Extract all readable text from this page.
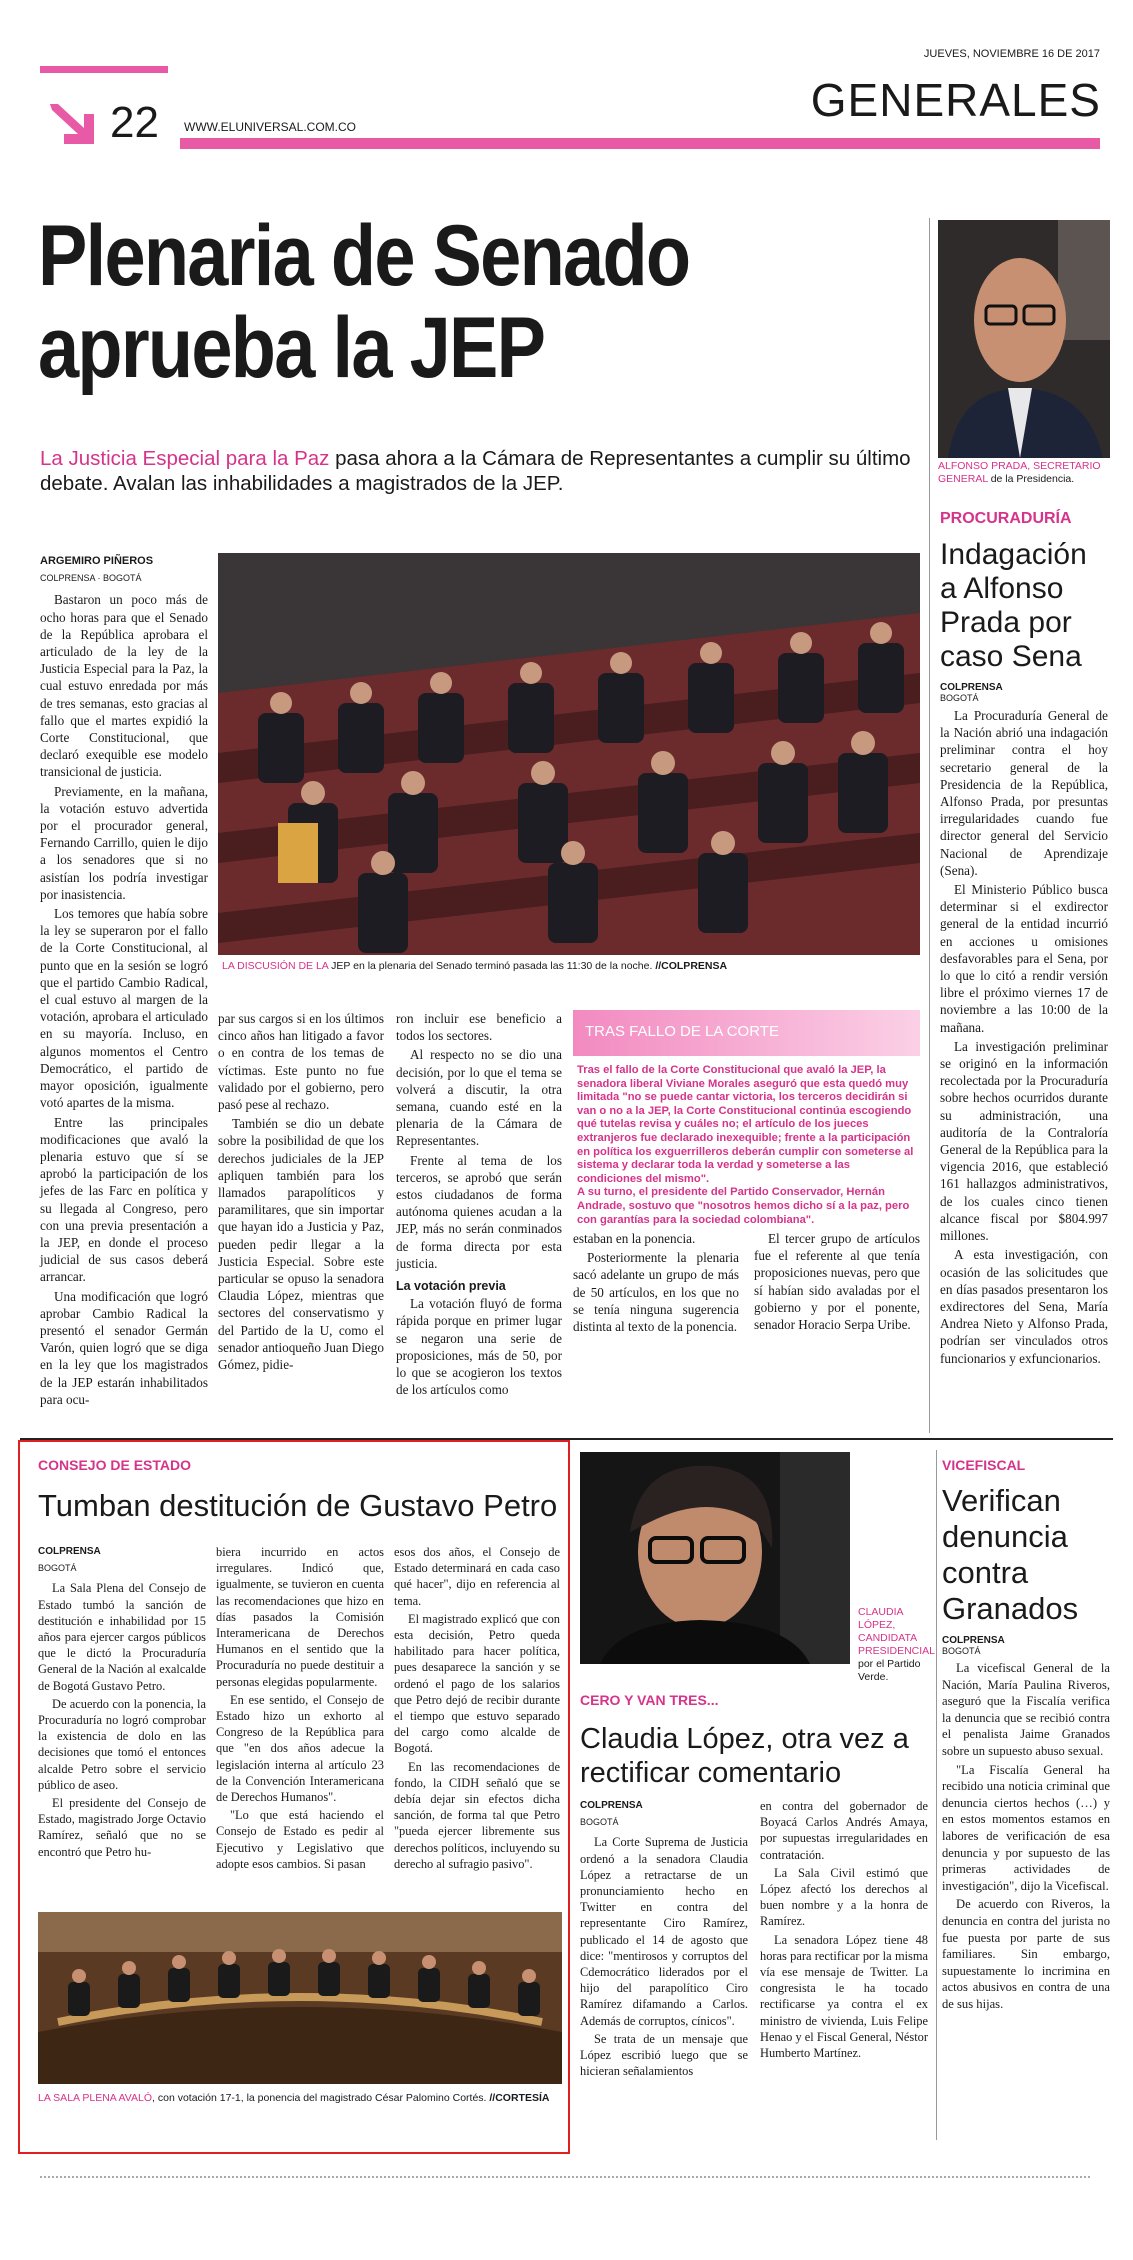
JUEVES, NOVIEMBRE 16 DE 2017
22 WWW.ELUNIVERSAL.COM.CO
GENERALES
Plenaria de Senado
aprueba la JEP
La Justicia Especial para la Paz pasa ahora a la Cámara de Representantes a cumplir su último debate. Avalan las inhabilidades a magistrados de la JEP.
ALFONSO PRADA, SECRETARIO GENERAL de la Presidencia.
ARGEMIRO PIÑEROS
COLPRENSA · BOGOTÁ

Bastaron un poco más de ocho horas para que el Senado de la República aprobara el articulado de la ley de la Justicia Especial para la Paz, la cual estuvo enredada por más de tres semanas, esto gracias al fallo que el martes expidió la Corte Constitucional, que declaró exequible ese modelo transicional de justicia.

Previamente, en la mañana, la votación estuvo advertida por el procurador general, Fernando Carrillo, quien le dijo a los senadores que si no asistían los podría investigar por inasistencia.

Los temores que había sobre la ley se superaron por el fallo de la Corte Constitucional, al punto que en la sesión se logró que el partido Cambio Radical, el cual estuvo al margen de la votación, aprobara el articulado en su mayoría. Incluso, en algunos momentos el Centro Democrático, el partido de mayor oposición, igualmente votó apartes de la misma.

Entre las principales modificaciones que avaló la plenaria estuvo que sí se aprobó la participación de los jefes de las Farc en política y su llegada al Congreso, pero con una previa presentación a la JEP, en donde el proceso judicial de sus casos deberá arrancar.

Una modificación que logró aprobar Cambio Radical la presentó el senador Germán Varón, quien logró que se diga en la ley que los magistrados de la JEP estarán inhabilitados para ocu-

LA DISCUSIÓN DE LA JEP en la plenaria del Senado terminó pasada las 11:30 de la noche. //COLPRENSA

par sus cargos si en los últimos cinco años han litigado a favor o en contra de los temas de víctimas. Este punto no fue validado por el gobierno, pero pasó pese al rechazo.

También se dio un debate sobre la posibilidad de que los derechos judiciales de la JEP apliquen también para los llamados parapolíticos y paramilitares, que sin importar que hayan ido a Justicia y Paz, pueden pedir llegar a la Justicia Especial. Sobre este particular se opuso la senadora Claudia López, mientras que sectores del conservatismo y del Partido de la U, como el senador antioqueño Juan Diego Gómez, pidie-

ron incluir ese beneficio a todos los sectores.

Al respecto no se dio una decisión, por lo que el tema se volverá a discutir, la otra semana, cuando esté en la plenaria de la Cámara de Representantes.

Frente al tema de los terceros, se aprobó que serán estos ciudadanos de forma autónoma quienes acudan a la JEP, más no serán conminados de forma directa por esta justicia.

La votación previa

La votación fluyó de forma rápida porque en primer lugar se negaron una serie de proposiciones, más de 50, por lo que se acogieron los textos de los artículos como

TRAS FALLO DE LA CORTE
Tras el fallo de la Corte Constitucional que avaló la JEP, la senadora liberal Viviane Morales aseguró que esta quedó muy limitada "no se puede cantar victoria, los terceros decidirán si van o no a la JEP, la Corte Constitucional continúa escogiendo qué tutelas revisa y cuáles no; el artículo de los jueces extranjeros fue declarado inexequible; frente a la participación en política los exguerrilleros deberán cumplir con someterse al sistema y declarar toda la verdad y someterse a las condiciones del mismo".
A su turno, el presidente del Partido Conservador, Hernán Andrade, sostuvo que "nosotros hemos dicho sí a la paz, pero con garantías para la sociedad colombiana".

estaban en la ponencia.

Posteriormente la plenaria sacó adelante un grupo de más de 50 artículos, en los que no se tenía ninguna sugerencia distinta al texto de la ponencia.

El tercer grupo de artículos fue el referente al que tenía proposiciones nuevas, pero que sí habían sido avaladas por el gobierno y por el ponente, senador Horacio Serpa Uribe.

PROCURADURÍA
Indagación a Alfonso Prada por caso Sena
COLPRENSA
BOGOTÁ

La Procuraduría General de la Nación abrió una indagación preliminar contra el hoy secretario general de la Presidencia de la República, Alfonso Prada, por presuntas irregularidades cuando fue director general del Servicio Nacional de Aprendizaje (Sena).

El Ministerio Público busca determinar si el exdirector general de la entidad incurrió en acciones u omisiones desfavorables para el Sena, por lo que lo citó a rendir versión libre el próximo viernes 17 de noviembre a las 10:00 de la mañana.

La investigación preliminar se originó en la información recolectada por la Procuraduría sobre hechos ocurridos durante su administración, una auditoría de la Contraloría General de la República para la vigencia 2016, que estableció 161 hallazgos administrativos, de los cuales cinco tienen alcance fiscal por $804.997 millones.

A esta investigación, con ocasión de las solicitudes que en días pasados presentaron los exdirectores del Sena, María Andrea Nieto y Alfonso Prada, podrían ser vinculados otros funcionarios y exfuncionarios.

CONSEJO DE ESTADO
Tumban destitución de Gustavo Petro
COLPRENSA
BOGOTÁ

La Sala Plena del Consejo de Estado tumbó la sanción de destitución e inhabilidad por 15 años para ejercer cargos públicos que le dictó la Procuraduría General de la Nación al exalcalde de Bogotá Gustavo Petro.

De acuerdo con la ponencia, la Procuraduría no logró comprobar la existencia de dolo en las decisiones que tomó el entonces alcalde Petro sobre el servicio público de aseo.

El presidente del Consejo de Estado, magistrado Jorge Octavio Ramírez, señaló que no se encontró que Petro hu-

biera incurrido en actos irregulares. Indicó que, igualmente, se tuvieron en cuenta las recomendaciones que hizo en días pasados la Comisión Interamericana de Derechos Humanos en el sentido que la Procuraduría no puede destituir a personas elegidas popularmente.

En ese sentido, el Consejo de Estado hizo un exhorto al Congreso de la República para que "en dos años adecue la legislación interna al artículo 23 de la Convención Interamericana de Derechos Humanos".

"Lo que está haciendo el Consejo de Estado es pedir al Ejecutivo y Legislativo que adopte esos cambios. Si pasan

esos dos años, el Consejo de Estado determinará en cada caso qué hacer", dijo en referencia al tema.

El magistrado explicó que con esta decisión, Petro queda habilitado para hacer política, pues desaparece la sanción y se ordenó el pago de los salarios que Petro dejó de recibir durante el tiempo que estuvo separado del cargo como alcalde de Bogotá.

En las recomendaciones de fondo, la CIDH señaló que se debía dejar sin efectos dicha sanción, de forma tal que Petro "pueda ejercer libremente sus derechos políticos, incluyendo su derecho al sufragio pasivo".

LA SALA PLENA AVALÓ, con votación 17-1, la ponencia del magistrado César Palomino Cortés. //CORTESÍA
CLAUDIA LÓPEZ, CANDIDATA PRESIDENCIAL por el Partido Verde.
CERO Y VAN TRES...
Claudia López, otra vez a rectificar comentario
COLPRENSA
BOGOTÁ

La Corte Suprema de Justicia ordenó a la senadora Claudia López a retractarse de un pronunciamiento hecho en Twitter en contra del representante Ciro Ramírez, publicado el 14 de agosto que dice: "mentirosos y corruptos del Cdemocrático liderados por el hijo del parapolítico Ciro Ramírez difamando a Carlos. Además de corruptos, cínicos".

Se trata de un mensaje que López escribió luego que se hicieran señalamientos

en contra del gobernador de Boyacá Carlos Andrés Amaya, por supuestas irregularidades en contratación.

La Sala Civil estimó que López afectó los derechos al buen nombre y a la honra de Ramírez.

La senadora López tiene 48 horas para rectificar por la misma vía ese mensaje de Twitter. La congresista le ha tocado rectificarse ya contra el ex ministro de vivienda, Luis Felipe Henao y el Fiscal General, Néstor Humberto Martínez.

VICEFISCAL
Verifican denuncia contra Granados
COLPRENSA
BOGOTÁ

La vicefiscal General de la Nación, María Paulina Riveros, aseguró que la Fiscalía verifica la denuncia que se recibió contra el penalista Jaime Granados sobre un supuesto abuso sexual.

"La Fiscalía General ha recibido una noticia criminal que denuncia ciertos hechos (…) y en estos momentos estamos en labores de verificación de esa denuncia y por supuesto de las primeras actividades de investigación", dijo la Vicefiscal.

De acuerdo con Riveros, la denuncia en contra del jurista no fue puesta por parte de sus familiares. Sin embargo, supuestamente lo incrimina en actos abusivos en contra de una de sus hijas.
